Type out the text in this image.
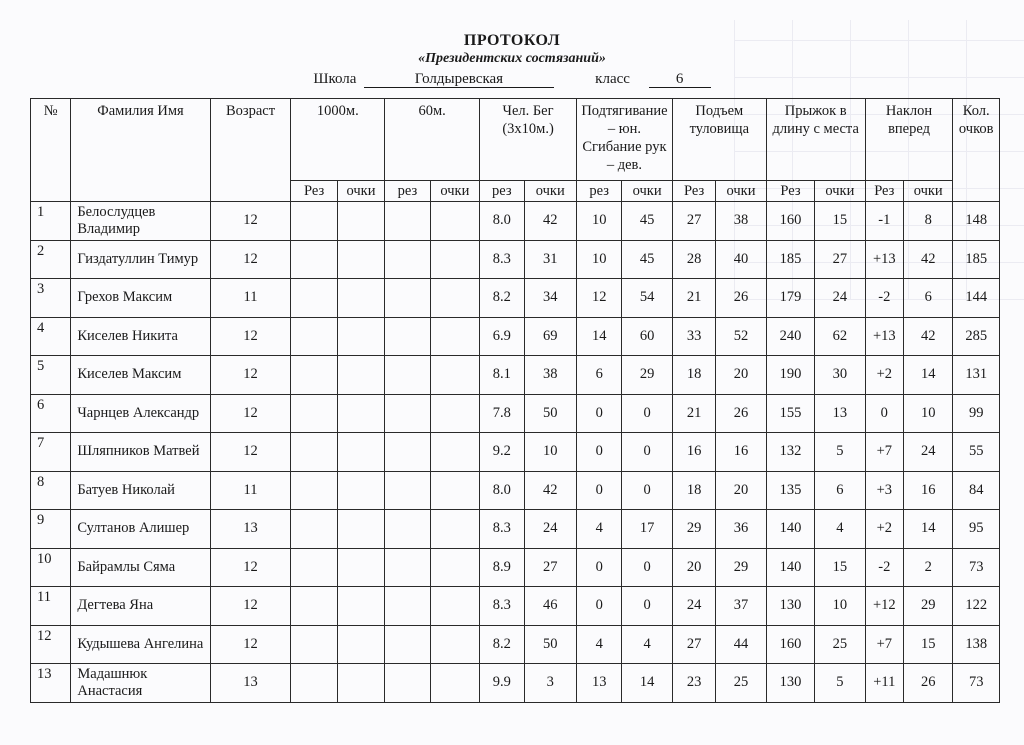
ПРОТОКОЛ
«Президентских состязаний»
Школа	Голдыревская	класс	6
№	Фамилия Имя	Возраст	1000м.		60м.		Чел. Бег (3х10м.)		Подтягивание – юн. Сгибание рук – дев.		Подъем туловища		Прыжок в длину с места		Наклон вперед		Кол. очков
			Рез	очки	рез	очки	рез	очки	рез	очки	Рез	очки	Рез	очки	Рез	очки	
1	Белослудцев Владимир	12					8.0	42	10	45	27	38	160	15	-1	8	148
2	Гиздатуллин Тимур	12					8.3	31	10	45	28	40	185	27	+13	42	185
3	Грехов Максим	11					8.2	34	12	54	21	26	179	24	-2	6	144
4	Киселев Никита	12					6.9	69	14	60	33	52	240	62	+13	42	285
5	Киселев Максим	12					8.1	38	6	29	18	20	190	30	+2	14	131
6	Чарнцев Александр	12					7.8	50	0	0	21	26	155	13	0	10	99
7	Шляпников Матвей	12					9.2	10	0	0	16	16	132	5	+7	24	55
8	Батуев Николай	11					8.0	42	0	0	18	20	135	6	+3	16	84
9	Султанов Алишер	13					8.3	24	4	17	29	36	140	4	+2	14	95
10	Байрамлы Сяма	12					8.9	27	0	0	20	29	140	15	-2	2	73
11	Дегтева Яна	12					8.3	46	0	0	24	37	130	10	+12	29	122
12	Кудышева Ангелина	12					8.2	50	4	4	27	44	160	25	+7	15	138
13	Мадашнюк Анастасия	13					9.9	3	13	14	23	25	130	5	+11	26	73
